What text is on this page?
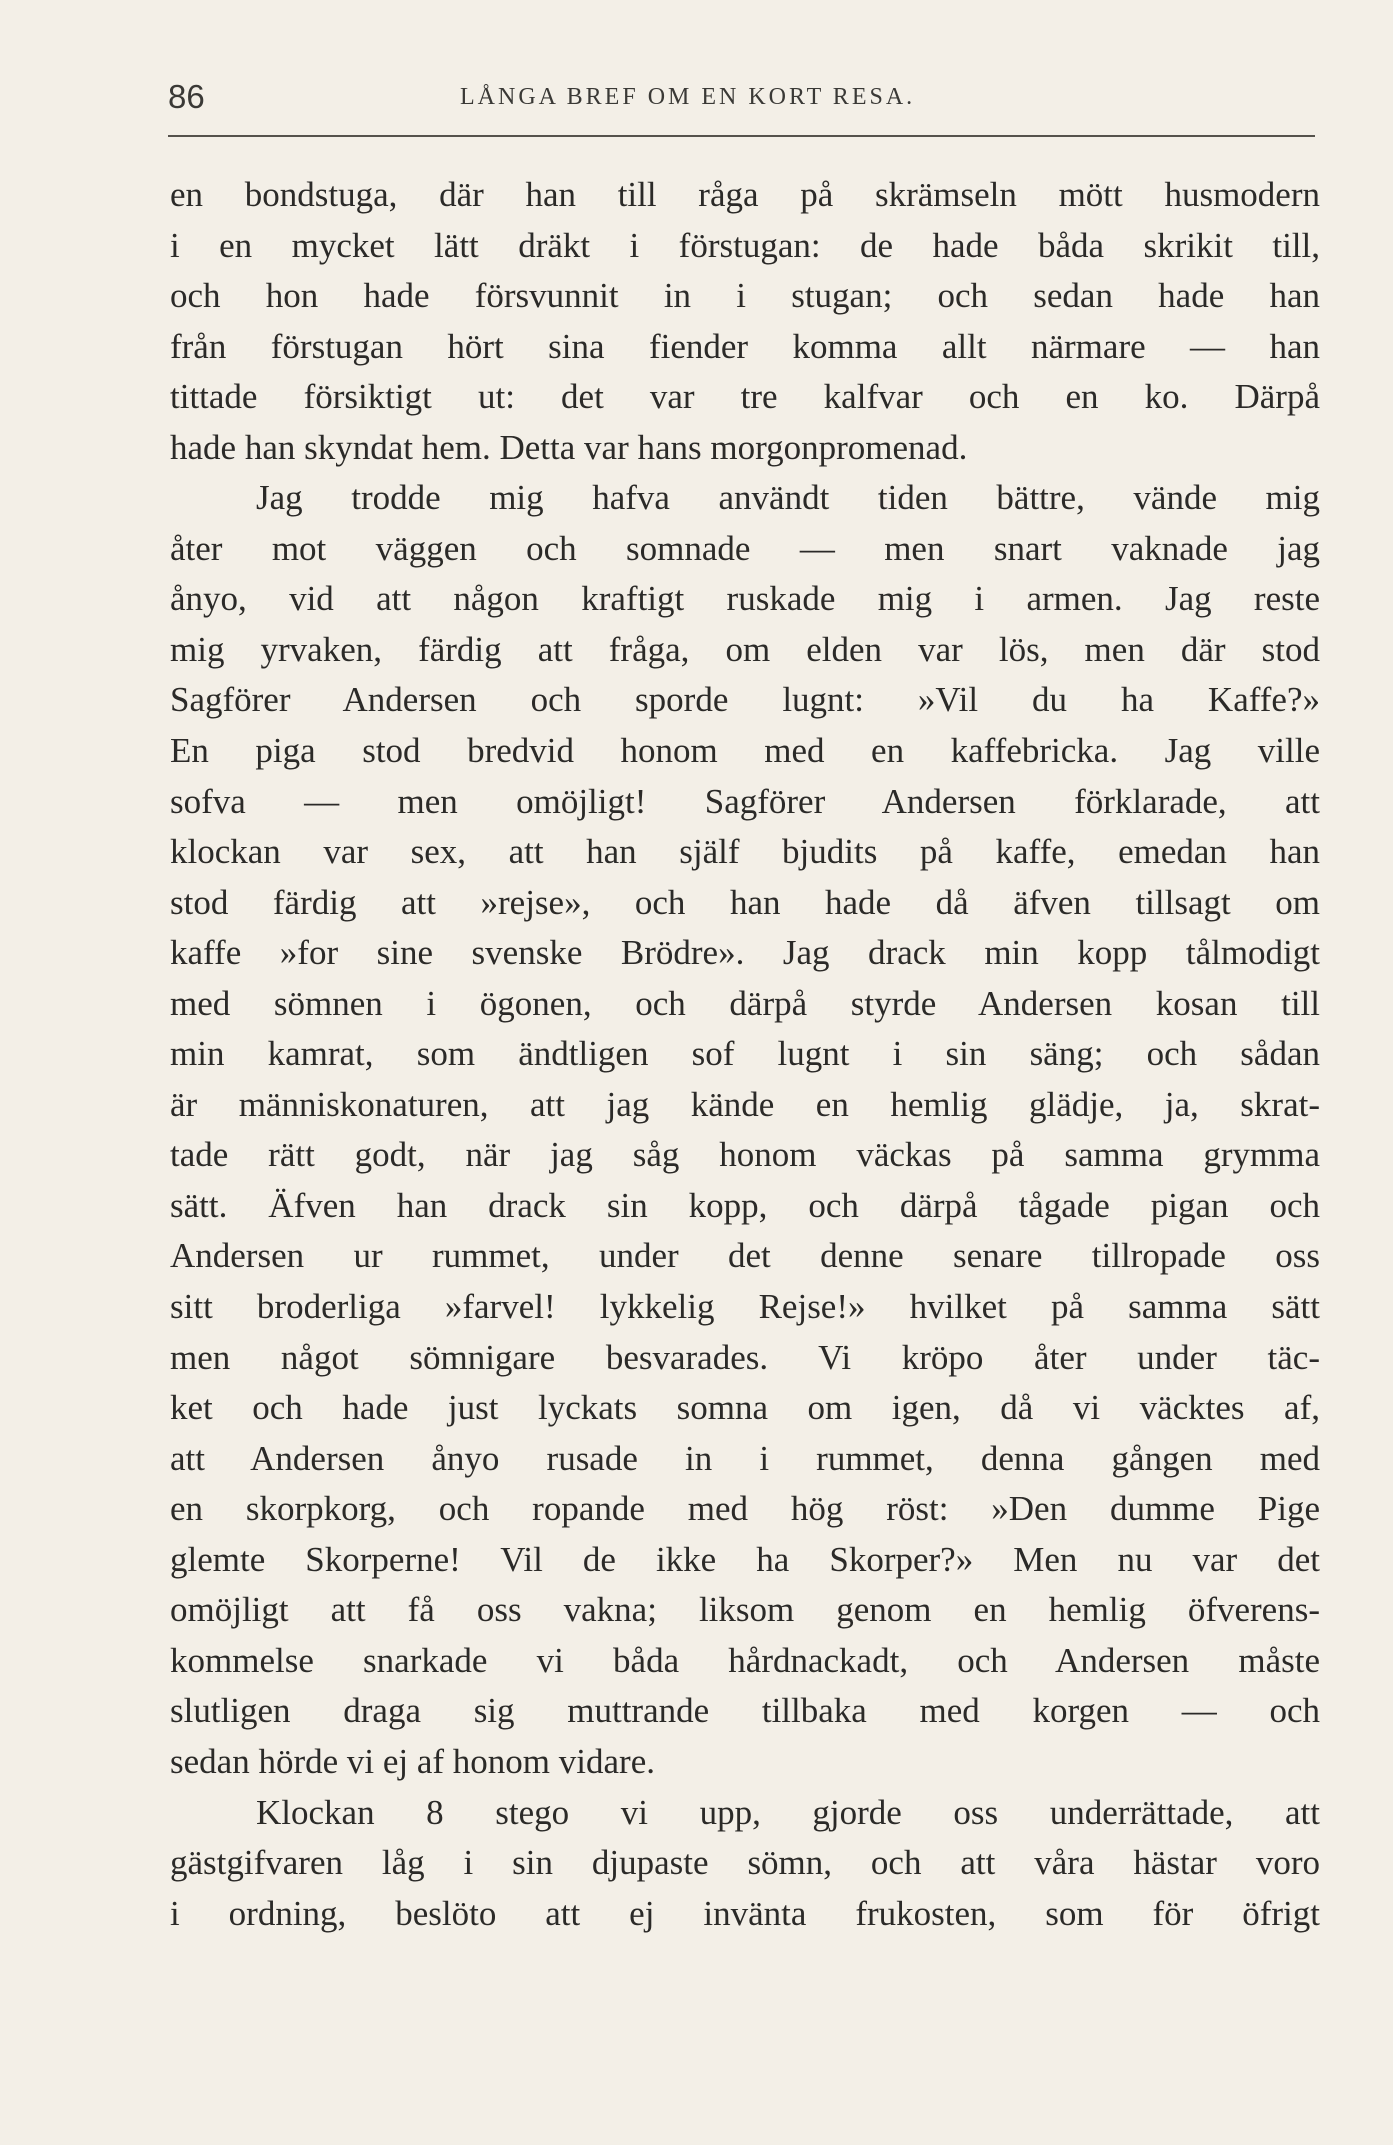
86	LÅNGA BREF OM EN KORT RESA.
en bondstuga, där han till råga på skrämseln mött husmodern
i en mycket lätt dräkt i förstugan: de hade båda skrikit till,
och hon hade försvunnit in i stugan; och sedan hade han
från förstugan hört sina fiender komma allt närmare — han
tittade försiktigt ut: det var tre kalfvar och en ko. Därpå
hade han skyndat hem. Detta var hans morgonpromenad.
Jag trodde mig hafva användt tiden bättre, vände mig
åter mot väggen och somnade — men snart vaknade jag
ånyo, vid att någon kraftigt ruskade mig i armen. Jag reste
mig yrvaken, färdig att fråga, om elden var lös, men där stod
Sagförer Andersen och sporde lugnt: »Vil du ha Kaffe?»
En piga stod bredvid honom med en kaffebricka. Jag ville
sofva — men omöjligt! Sagförer Andersen förklarade, att
klockan var sex, att han själf bjudits på kaffe, emedan han
stod färdig att »rejse», och han hade då äfven tillsagt om
kaffe »for sine svenske Brödre». Jag drack min kopp tålmodigt
med sömnen i ögonen, och därpå styrde Andersen kosan till
min kamrat, som ändtligen sof lugnt i sin säng; och sådan
är människonaturen, att jag kände en hemlig glädje, ja, skrat-
tade rätt godt, när jag såg honom väckas på samma grymma
sätt. Äfven han drack sin kopp, och därpå tågade pigan och
Andersen ur rummet, under det denne senare tillropade oss
sitt broderliga »farvel! lykkelig Rejse!» hvilket på samma sätt
men något sömnigare besvarades. Vi kröpo åter under täc-
ket och hade just lyckats somna om igen, då vi väcktes af,
att Andersen ånyo rusade in i rummet, denna gången med
en skorpkorg, och ropande med hög röst: »Den dumme Pige
glemte Skorperne! Vil de ikke ha Skorper?» Men nu var det
omöjligt att få oss vakna; liksom genom en hemlig öfverens-
kommelse snarkade vi båda hårdnackadt, och Andersen måste
slutligen draga sig muttrande tillbaka med korgen — och
sedan hörde vi ej af honom vidare.
Klockan 8 stego vi upp, gjorde oss underrättade, att
gästgifvaren låg i sin djupaste sömn, och att våra hästar voro
i ordning, beslöto att ej invänta frukosten, som för öfrigt
